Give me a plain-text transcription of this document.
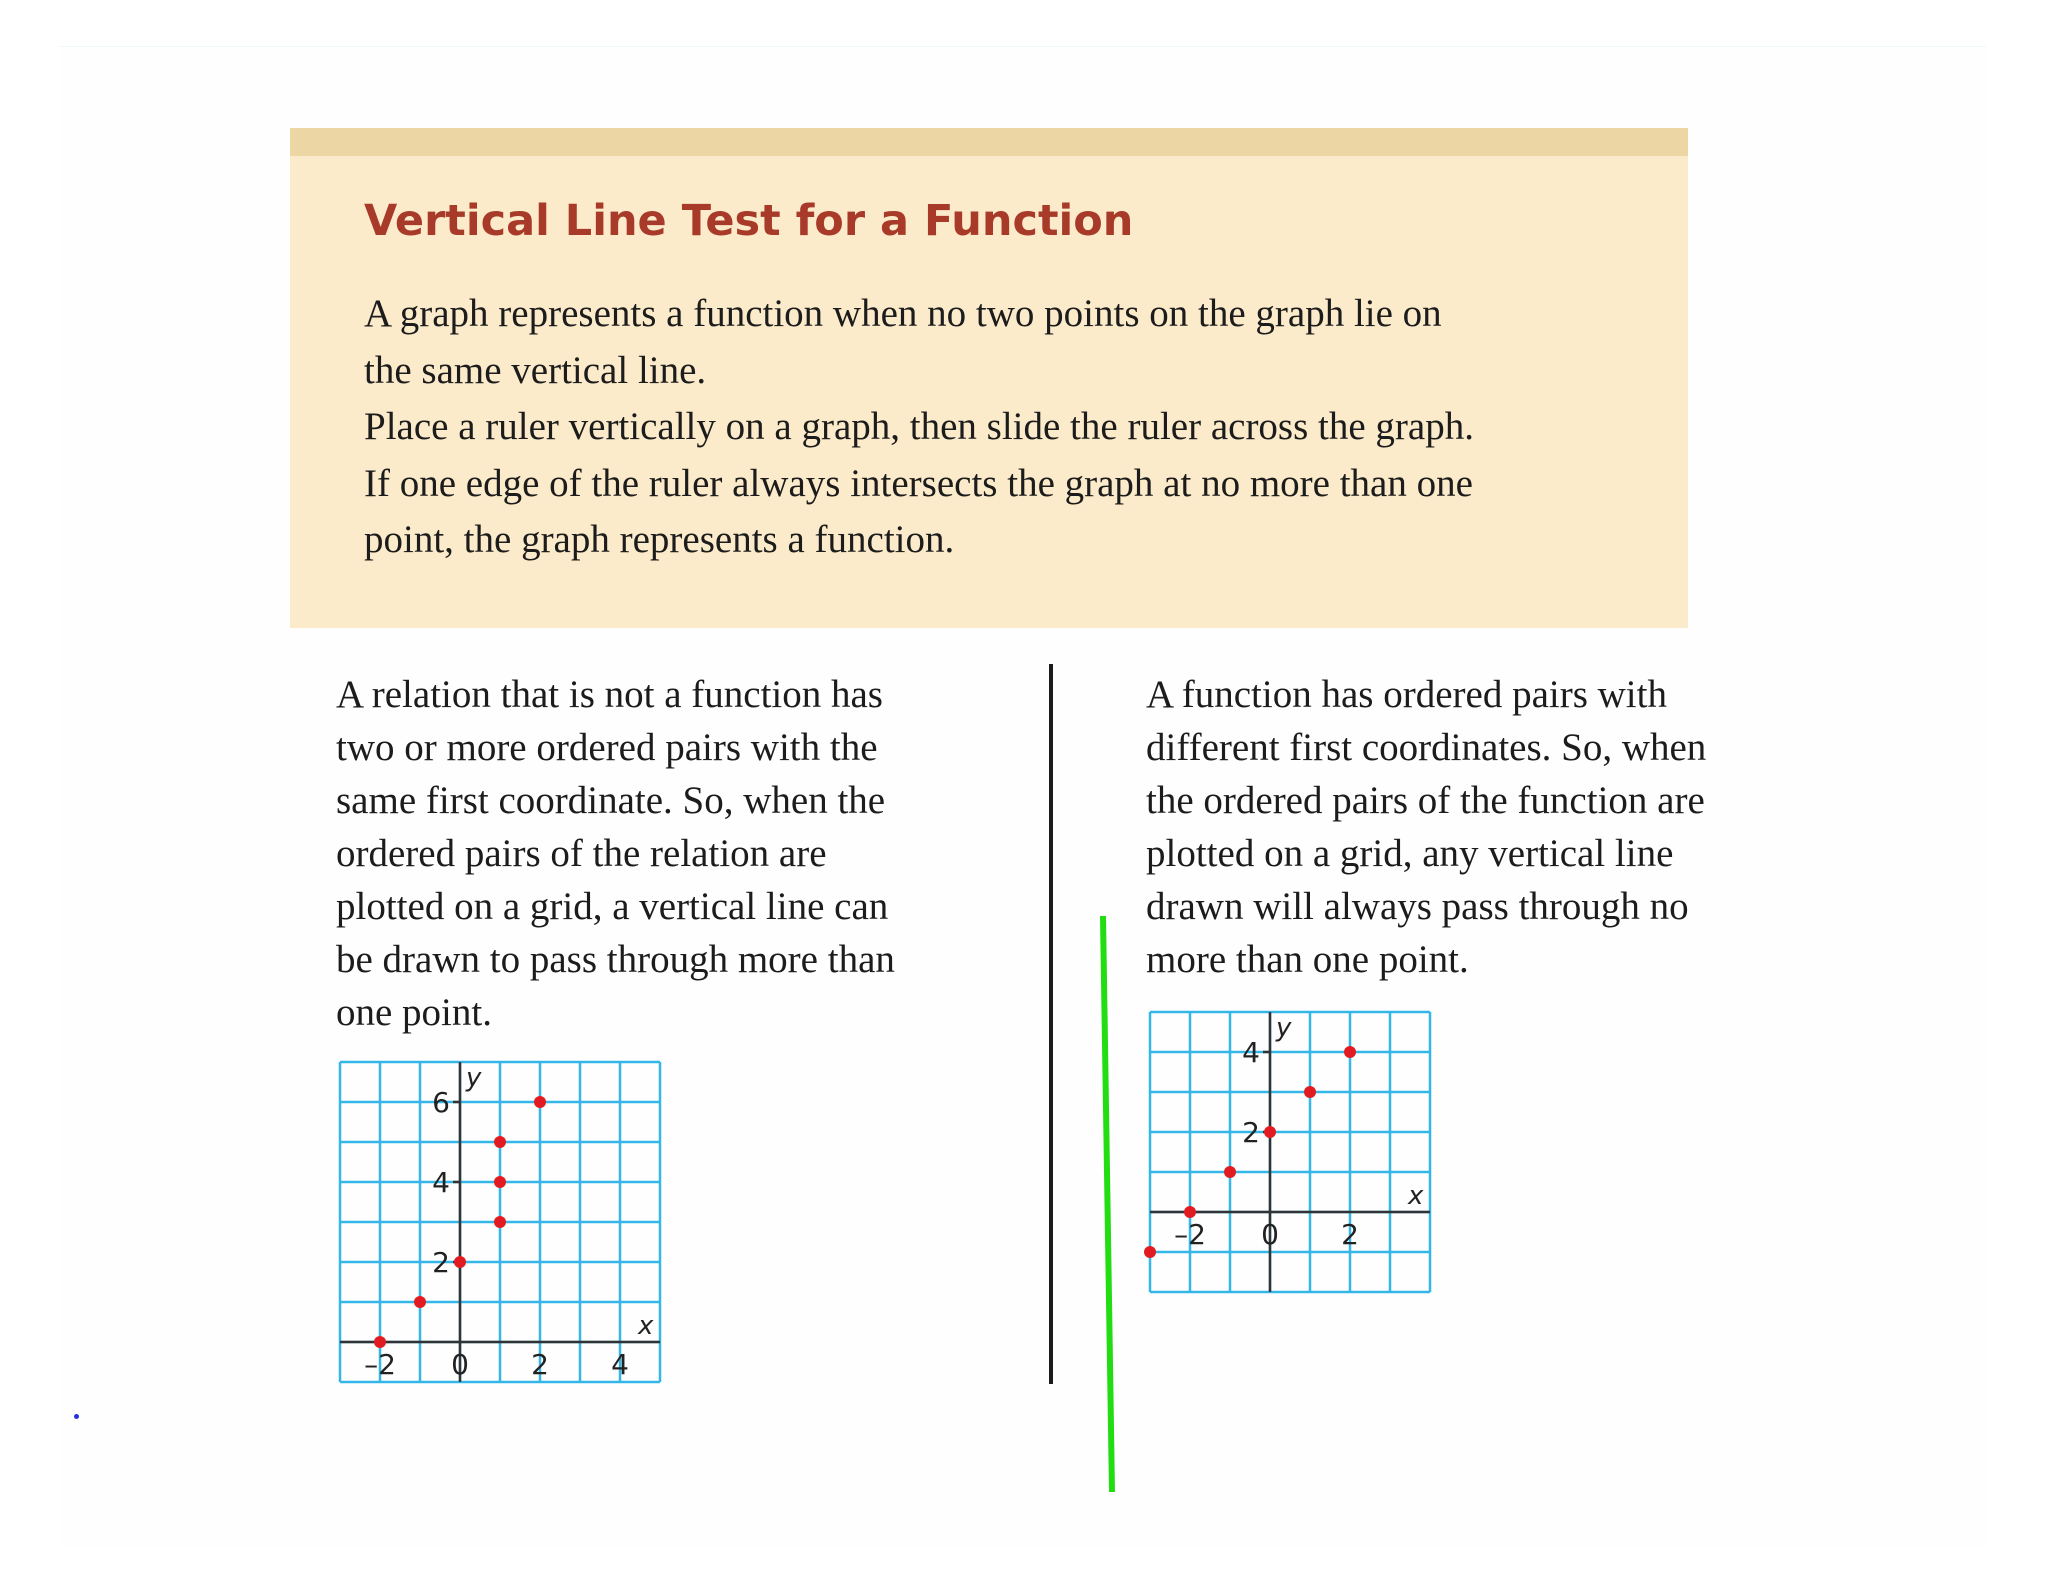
Vertical Line Test for a Function
A graph represents a function when no two points on the graph lie on
the same vertical line.
Place a ruler vertically on a graph, then slide the ruler across the graph.
If one edge of the ruler always intersects the graph at no more than one
point, the graph represents a function.
A relation that is not a function has
two or more ordered pairs with the
same first coordinate. So, when the
ordered pairs of the relation are
plotted on a grid, a vertical line can
be drawn to pass through more than
one point.
A function has ordered pairs with
different first coordinates. So, when
the ordered pairs of the function are
plotted on a grid, any vertical line
drawn will always pass through no
more than one point.
x
y
–2 0 2 4
2
4
6
x
y
–2 0 2
2
4
